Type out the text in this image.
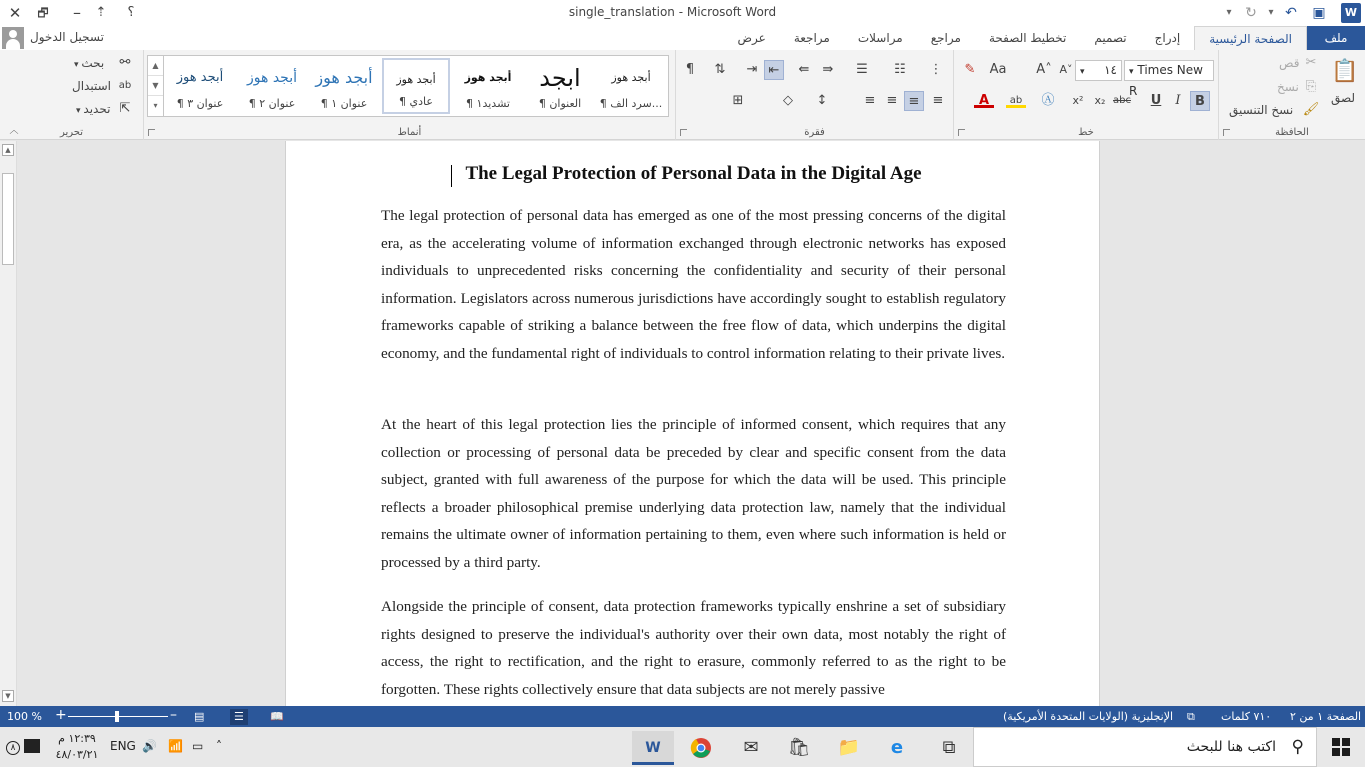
✕	🗗	–	⇡	؟	single_translation - Microsoft Word	W
▣
↶
▾
↻
▾
تسجيل الدخول	الصفحة الرئيسية
إدراج
تصميم
تخطيط الصفحة
مراجع
مراسلات
مراجعة
عرض	ملف
︿
▾ بحث	⚯
استبدال ab
▾ تحديد ⇱
تحرير	أنماط
▲
▼
▾
أبجد هوز
¶ سرد الف...
ابجد
¶ العنوان
أبجد هوز
¶ تشديد١
أبجد هوز
¶ عادي
أبجد هوز
¶ عنوان ١
أبجد هوز
¶ عنوان ٢
أبجد هوز
¶ عنوان ٣
¶	⇅	⇥ ⇤	⇚	⇛	☰	☷	⋮
⊞	◇	↕	≡ ≡ ≡	≡
فقرة
✎	Aa A˄ A˅ ▾ ١٤	▾ Times New R
A	ab Ⓐ	x²	x₂ abc	U	I	B
خط
قص ✂
نسخ ⎘
نسخ التنسيق 🖌
📋
لصق
الحافظة
▲
▼
The Legal Protection of Personal Data in the Digital Age
The legal protection of personal data has emerged as one of the most pressing concerns of the digital era, as the accelerating volume of information exchanged through electronic networks has exposed individuals to unprecedented risks concerning the confidentiality and security of their personal information. Legislators across numerous jurisdictions have accordingly sought to establish regulatory frameworks capable of striking a balance between the free flow of data, which underpins the digital economy, and the fundamental right of individuals to control information relating to their private lives.
At the heart of this legal protection lies the principle of informed consent, which requires that any collection or processing of personal data be preceded by clear and specific consent from the data subject, granted with full awareness of the purpose for which the data will be used. This principle reflects a broader philosophical premise underlying data protection law, namely that the individual remains the ultimate owner of information pertaining to them, even where such information is held or processed by a third party.
Alongside the principle of consent, data protection frameworks typically enshrine a set of subsidiary rights designed to preserve the individual's authority over their own data, most notably the right of access, the right to rectification, and the right to erasure, commonly referred to as the right to be forgotten. These rights collectively ensure that data subjects are not merely passive
100 % +	– ▤	☰	📖	الإنجليزية (الولايات المتحدة الأمريكية) ⧉ ٧١٠ كلمات الصفحة ١ من ٢
٨
١٢:٣٩ م
٤٨/٠٣/٢١
ENG 🔊 📶 ▭ ˄	W	✉	🛍	📁	e	⧉	اكتب هنا للبحث ⚲
